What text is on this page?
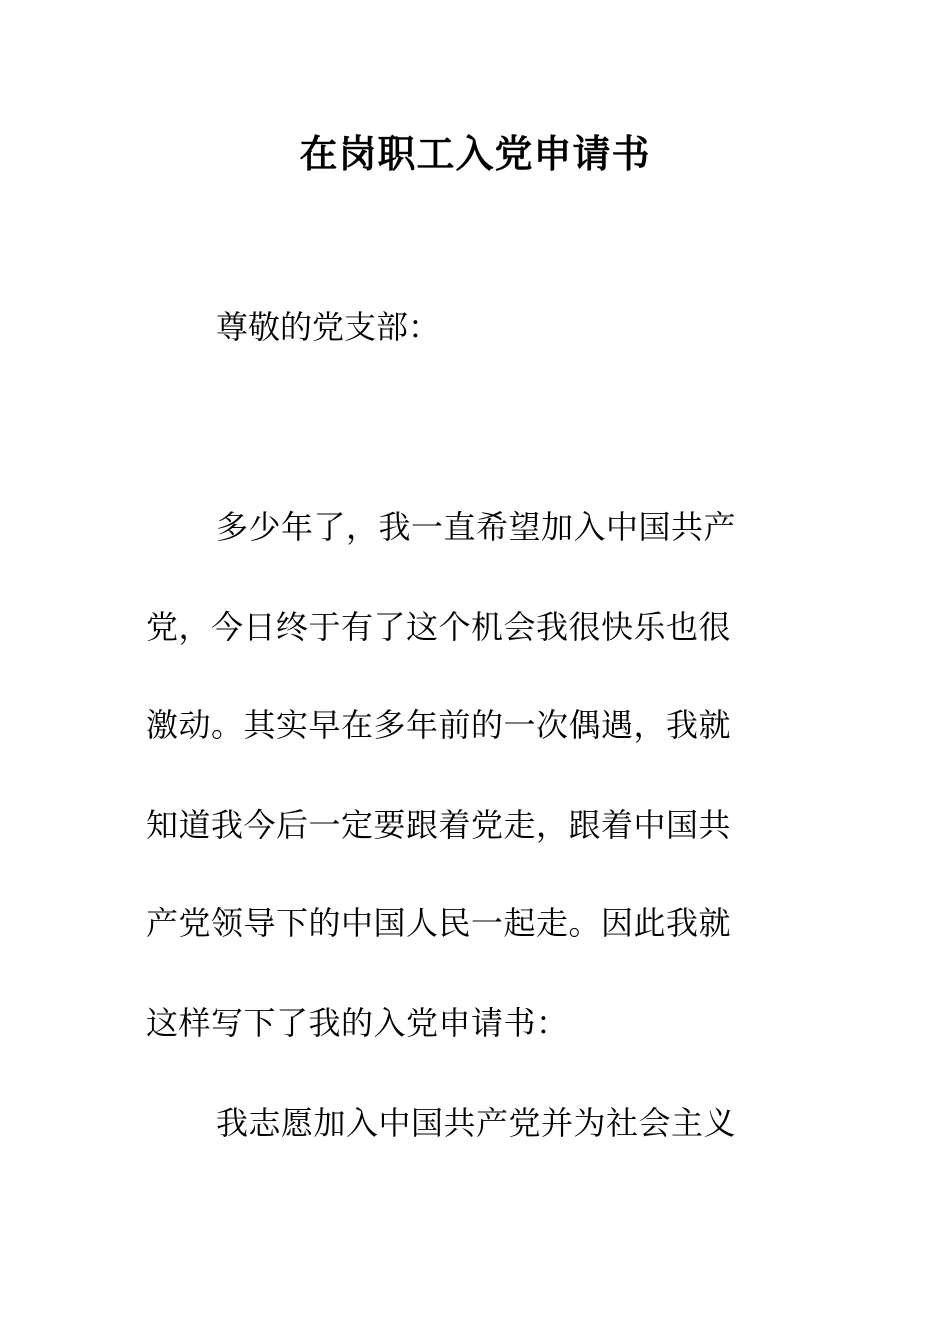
在岗职工入党申请书
尊敬的党支部：
多少年了，我一直希望加入中国共产
党，今日终于有了这个机会我很快乐也很
激动。其实早在多年前的一次偶遇，我就
知道我今后一定要跟着党走，跟着中国共
产党领导下的中国人民一起走。因此我就
这样写下了我的入党申请书：
我志愿加入中国共产党并为社会主义
